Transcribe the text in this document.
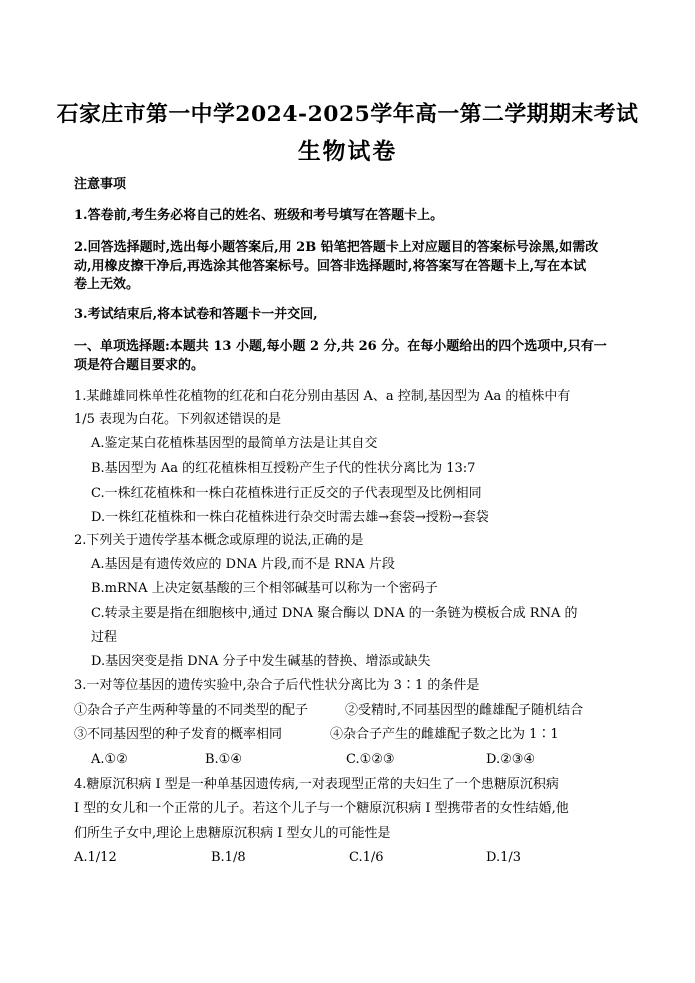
石家庄市第一中学2024-2025学年高一第二学期期末考试
生物试卷
注意事项
1.答卷前,考生务必将自己的姓名、班级和考号填写在答题卡上。
2.回答选择题时,选出每小题答案后,用 2B 铅笔把答题卡上对应题目的答案标号涂黑,如需改
动,用橡皮擦干净后,再选涂其他答案标号。回答非选择题时,将答案写在答题卡上,写在本试
卷上无效。
3.考试结束后,将本试卷和答题卡一并交回,
一、单项选择题:本题共 13 小题,每小题 2 分,共 26 分。在每小题给出的四个选项中,只有一
项是符合题目要求的。
1.某雌雄同株单性花植物的红花和白花分别由基因 A、a 控制,基因型为 Aa 的植株中有
1/5 表现为白花。下列叙述错误的是
A.鉴定某白花植株基因型的最简单方法是让其自交
B.基因型为 Aa 的红花植株相互授粉产生子代的性状分离比为 13:7
C.一株红花植株和一株白花植株进行正反交的子代表现型及比例相同
D.一株红花植株和一株白花植株进行杂交时需去雄→套袋→授粉→套袋
2.下列关于遗传学基本概念或原理的说法,正确的是
A.基因是有遗传效应的 DNA 片段,而不是 RNA 片段
B.mRNA 上决定氨基酸的三个相邻碱基可以称为一个密码子
C.转录主要是指在细胞核中,通过 DNA 聚合酶以 DNA 的一条链为模板合成 RNA 的
过程
D.基因突变是指 DNA 分子中发生碱基的替换、增添或缺失
3.一对等位基因的遗传实验中,杂合子后代性状分离比为 3∶1 的条件是
①杂合子产生两种等量的不同类型的配子	②受精时,不同基因型的雌雄配子随机结合
③不同基因型的种子发育的概率相同	④杂合子产生的雌雄配子数之比为 1∶1
A.①②	B.①④	C.①②③	D.②③④
4.糖原沉积病 I 型是一种单基因遗传病,一对表现型正常的夫妇生了一个患糖原沉积病
I 型的女儿和一个正常的儿子。若这个儿子与一个糖原沉积病 I 型携带者的女性结婚,他
们所生子女中,理论上患糖原沉积病 I 型女儿的可能性是
A.1/12	B.1/8	C.1/6	D.1/3
